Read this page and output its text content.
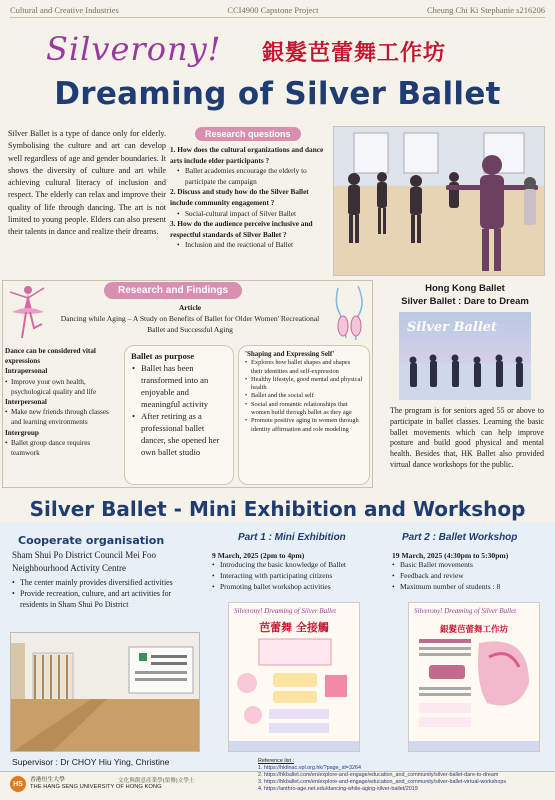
Cultural and Creative Industries	CCI4900 Capstone Project	Cheung Chi Ki Stephanie s216206
Silverony! 銀髮芭蕾舞工作坊
Dreaming of Silver Ballet

Silver Ballet is a type of dance only for elderly. Symbolising the culture and art can develop well regardless of age and gender boundaries. It shows the diversity of culture and art while achieving cultural literacy of inclusion and respect. The elderly can relax and improve their quality of life through dancing. The art is not limited to young people. Elders can also present their talents in dance and realize their dreams.

Research questions
1. How does the cultural organizations and dance arts include elder participants ?
• Ballet academies encourage the elderly to participate the campaign
2. Discuss and study how do the Silver Ballet include community engagement ?
• Social-cultural impact of Silver Ballet
3. How do the audience perceive inclusive and respectful standards of Silver Ballet ?
• Inclusion and the reactional of Ballet
Research and Findings
Article
Dancing while Aging – A Study on Benefits of Ballet for Older Women' Recreational Ballet and Successful Aging
Dance can be considered vital expressions
Intrapersonal
• Improve your own health, psychological quality and life
Interpersonal
• Make new friends through classes and learning environments
Intergroup
• Ballet group dance requires teamwork
Ballet as purpose
• Ballet has been transformed into an enjoyable and meaningful activity
• After retiring as a professional ballet dancer, she opened her own ballet studio
'Shaping and Expressing Self'
• Explores how ballet shapes and shapes their identities and self-expression
• Healthy lifestyle, good mental and physical health
• Ballet and the social self
• Social and romantic relationships that women build through ballet as they age
• Promote positive aging in women through identity affirmation and role modeling
Hong Kong Ballet
Silver Ballet : Dare to Dream
Silver Ballet

The program is for seniors aged 55 or above to participate in ballet classes. Learning the basic ballet movements which can help improve posture and build good physical and mental health. Besides that, HK Ballet also provided virtual dance workshops for the public.

Silver Ballet - Mini Exhibition and Workshop
Cooperate organisation
Sham Shui Po District Council Mei Foo Neighbourhood Activity Centre
• The center mainly provides diversified activities
• Provide recreation, culture, and art activities for residents in Sham Shui Po District
Part 1 : Mini Exhibition
9 March, 2025 (2pm to 4pm)
• Introducing the basic knowledge of Ballet
• Interacting with participating citizens
• Promoting ballet workshop activities
Part 2 : Ballet Workshop
19 March, 2025 (4:30pm to 5:30pm)
• Basic Ballet movements
• Feedback and review
• Maximum number of students : 8
Silverony! Dreaming of Silver Ballet
芭蕾舞 全接觸
Silverony! Dreaming of Silver Ballet
銀髮芭蕾舞工作坊
Supervisor : Dr CHOY Hiu Ying, Christine
HS
香港恒生大學
THE HANG SENG UNIVERSITY OF HONG KONG
文化與創意產業學(榮譽)文學士
Reference list :
1. https://hkfinac.vpl.org.hk/?page_id=3264
2. https://hkballet.com/en/explore-and-engage/education_and_community/silver-ballet-dare-to-dream
3. https://hkballet.com/en/explore-and-engage/education_and_community/silver-ballet-virtual-workshops
4. https://anthro-age.net.edu/dancing-while-aging-silver-ballet/2019
